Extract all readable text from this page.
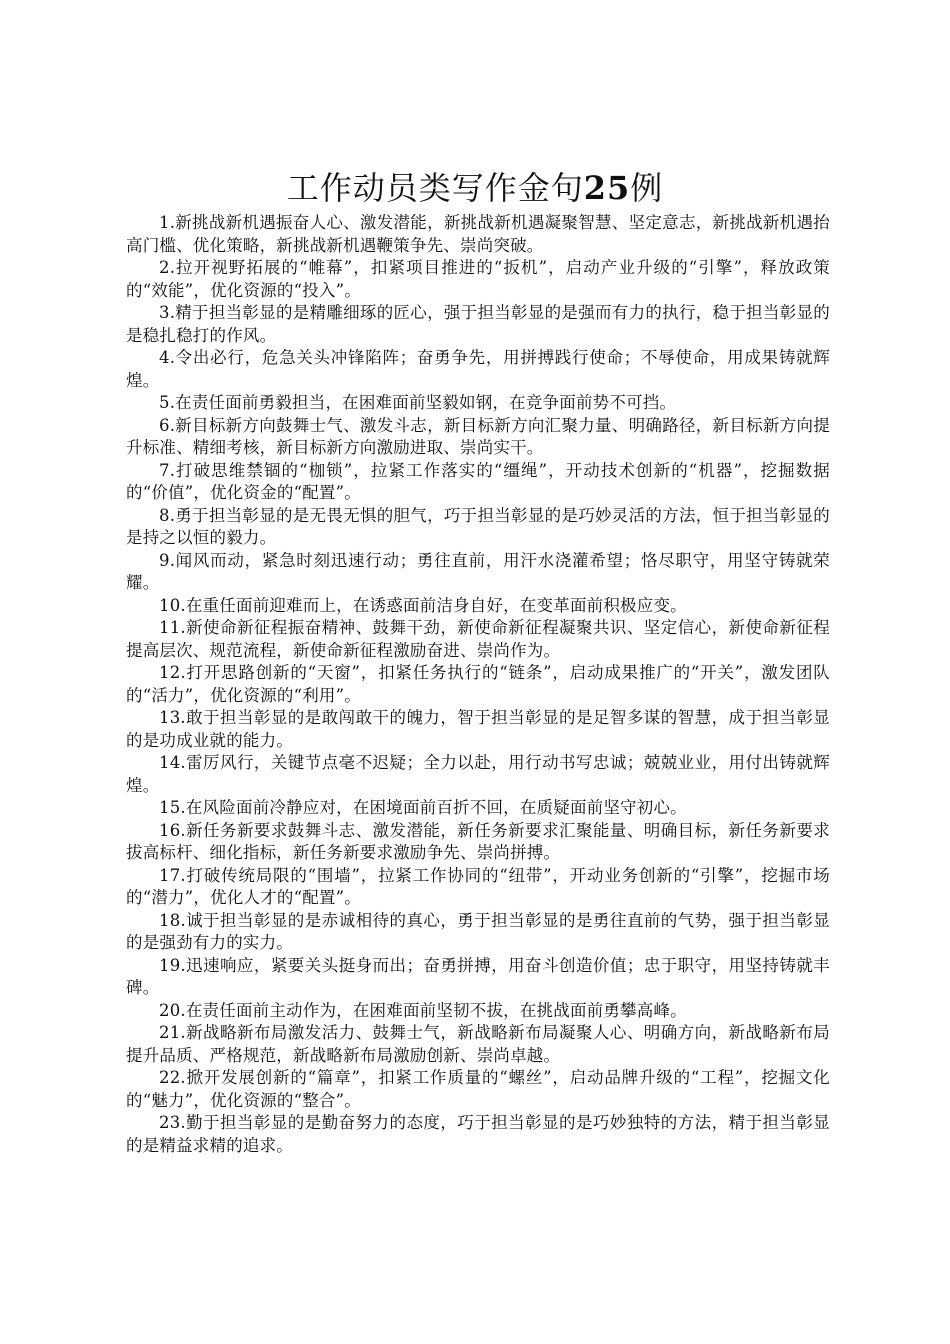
工作动员类写作金句25例

1.新挑战新机遇振奋人心、激发潜能，新挑战新机遇凝聚智慧、坚定意志，新挑战新机遇抬高门槛、优化策略，新挑战新机遇鞭策争先、崇尚突破。

2.拉开视野拓展的“帷幕”，扣紧项目推进的“扳机”，启动产业升级的“引擎”，释放政策的“效能”，优化资源的“投入”。

3.精于担当彰显的是精雕细琢的匠心，强于担当彰显的是强而有力的执行，稳于担当彰显的是稳扎稳打的作风。

4.令出必行，危急关头冲锋陷阵；奋勇争先，用拼搏践行使命；不辱使命，用成果铸就辉煌。

5.在责任面前勇毅担当，在困难面前坚毅如钢，在竞争面前势不可挡。

6.新目标新方向鼓舞士气、激发斗志，新目标新方向汇聚力量、明确路径，新目标新方向提升标准、精细考核，新目标新方向激励进取、崇尚实干。

7.打破思维禁锢的“枷锁”，拉紧工作落实的“缰绳”，开动技术创新的“机器”，挖掘数据的“价值”，优化资金的“配置”。

8.勇于担当彰显的是无畏无惧的胆气，巧于担当彰显的是巧妙灵活的方法，恒于担当彰显的是持之以恒的毅力。

9.闻风而动，紧急时刻迅速行动；勇往直前，用汗水浇灌希望；恪尽职守，用坚守铸就荣耀。

10.在重任面前迎难而上，在诱惑面前洁身自好，在变革面前积极应变。

11.新使命新征程振奋精神、鼓舞干劲，新使命新征程凝聚共识、坚定信心，新使命新征程提高层次、规范流程，新使命新征程激励奋进、崇尚作为。

12.打开思路创新的“天窗”，扣紧任务执行的“链条”，启动成果推广的“开关”，激发团队的“活力”，优化资源的“利用”。

13.敢于担当彰显的是敢闯敢干的魄力，智于担当彰显的是足智多谋的智慧，成于担当彰显的是功成业就的能力。

14.雷厉风行，关键节点毫不迟疑；全力以赴，用行动书写忠诚；兢兢业业，用付出铸就辉煌。

15.在风险面前冷静应对，在困境面前百折不回，在质疑面前坚守初心。

16.新任务新要求鼓舞斗志、激发潜能，新任务新要求汇聚能量、明确目标，新任务新要求拔高标杆、细化指标，新任务新要求激励争先、崇尚拼搏。

17.打破传统局限的“围墙”，拉紧工作协同的“纽带”，开动业务创新的“引擎”，挖掘市场的“潜力”，优化人才的“配置”。

18.诚于担当彰显的是赤诚相待的真心，勇于担当彰显的是勇往直前的气势，强于担当彰显的是强劲有力的实力。

19.迅速响应，紧要关头挺身而出；奋勇拼搏，用奋斗创造价值；忠于职守，用坚持铸就丰碑。

20.在责任面前主动作为，在困难面前坚韧不拔，在挑战面前勇攀高峰。

21.新战略新布局激发活力、鼓舞士气，新战略新布局凝聚人心、明确方向，新战略新布局提升品质、严格规范，新战略新布局激励创新、崇尚卓越。

22.掀开发展创新的“篇章”，扣紧工作质量的“螺丝”，启动品牌升级的“工程”，挖掘文化的“魅力”，优化资源的“整合”。

23.勤于担当彰显的是勤奋努力的态度，巧于担当彰显的是巧妙独特的方法，精于担当彰显的是精益求精的追求。
